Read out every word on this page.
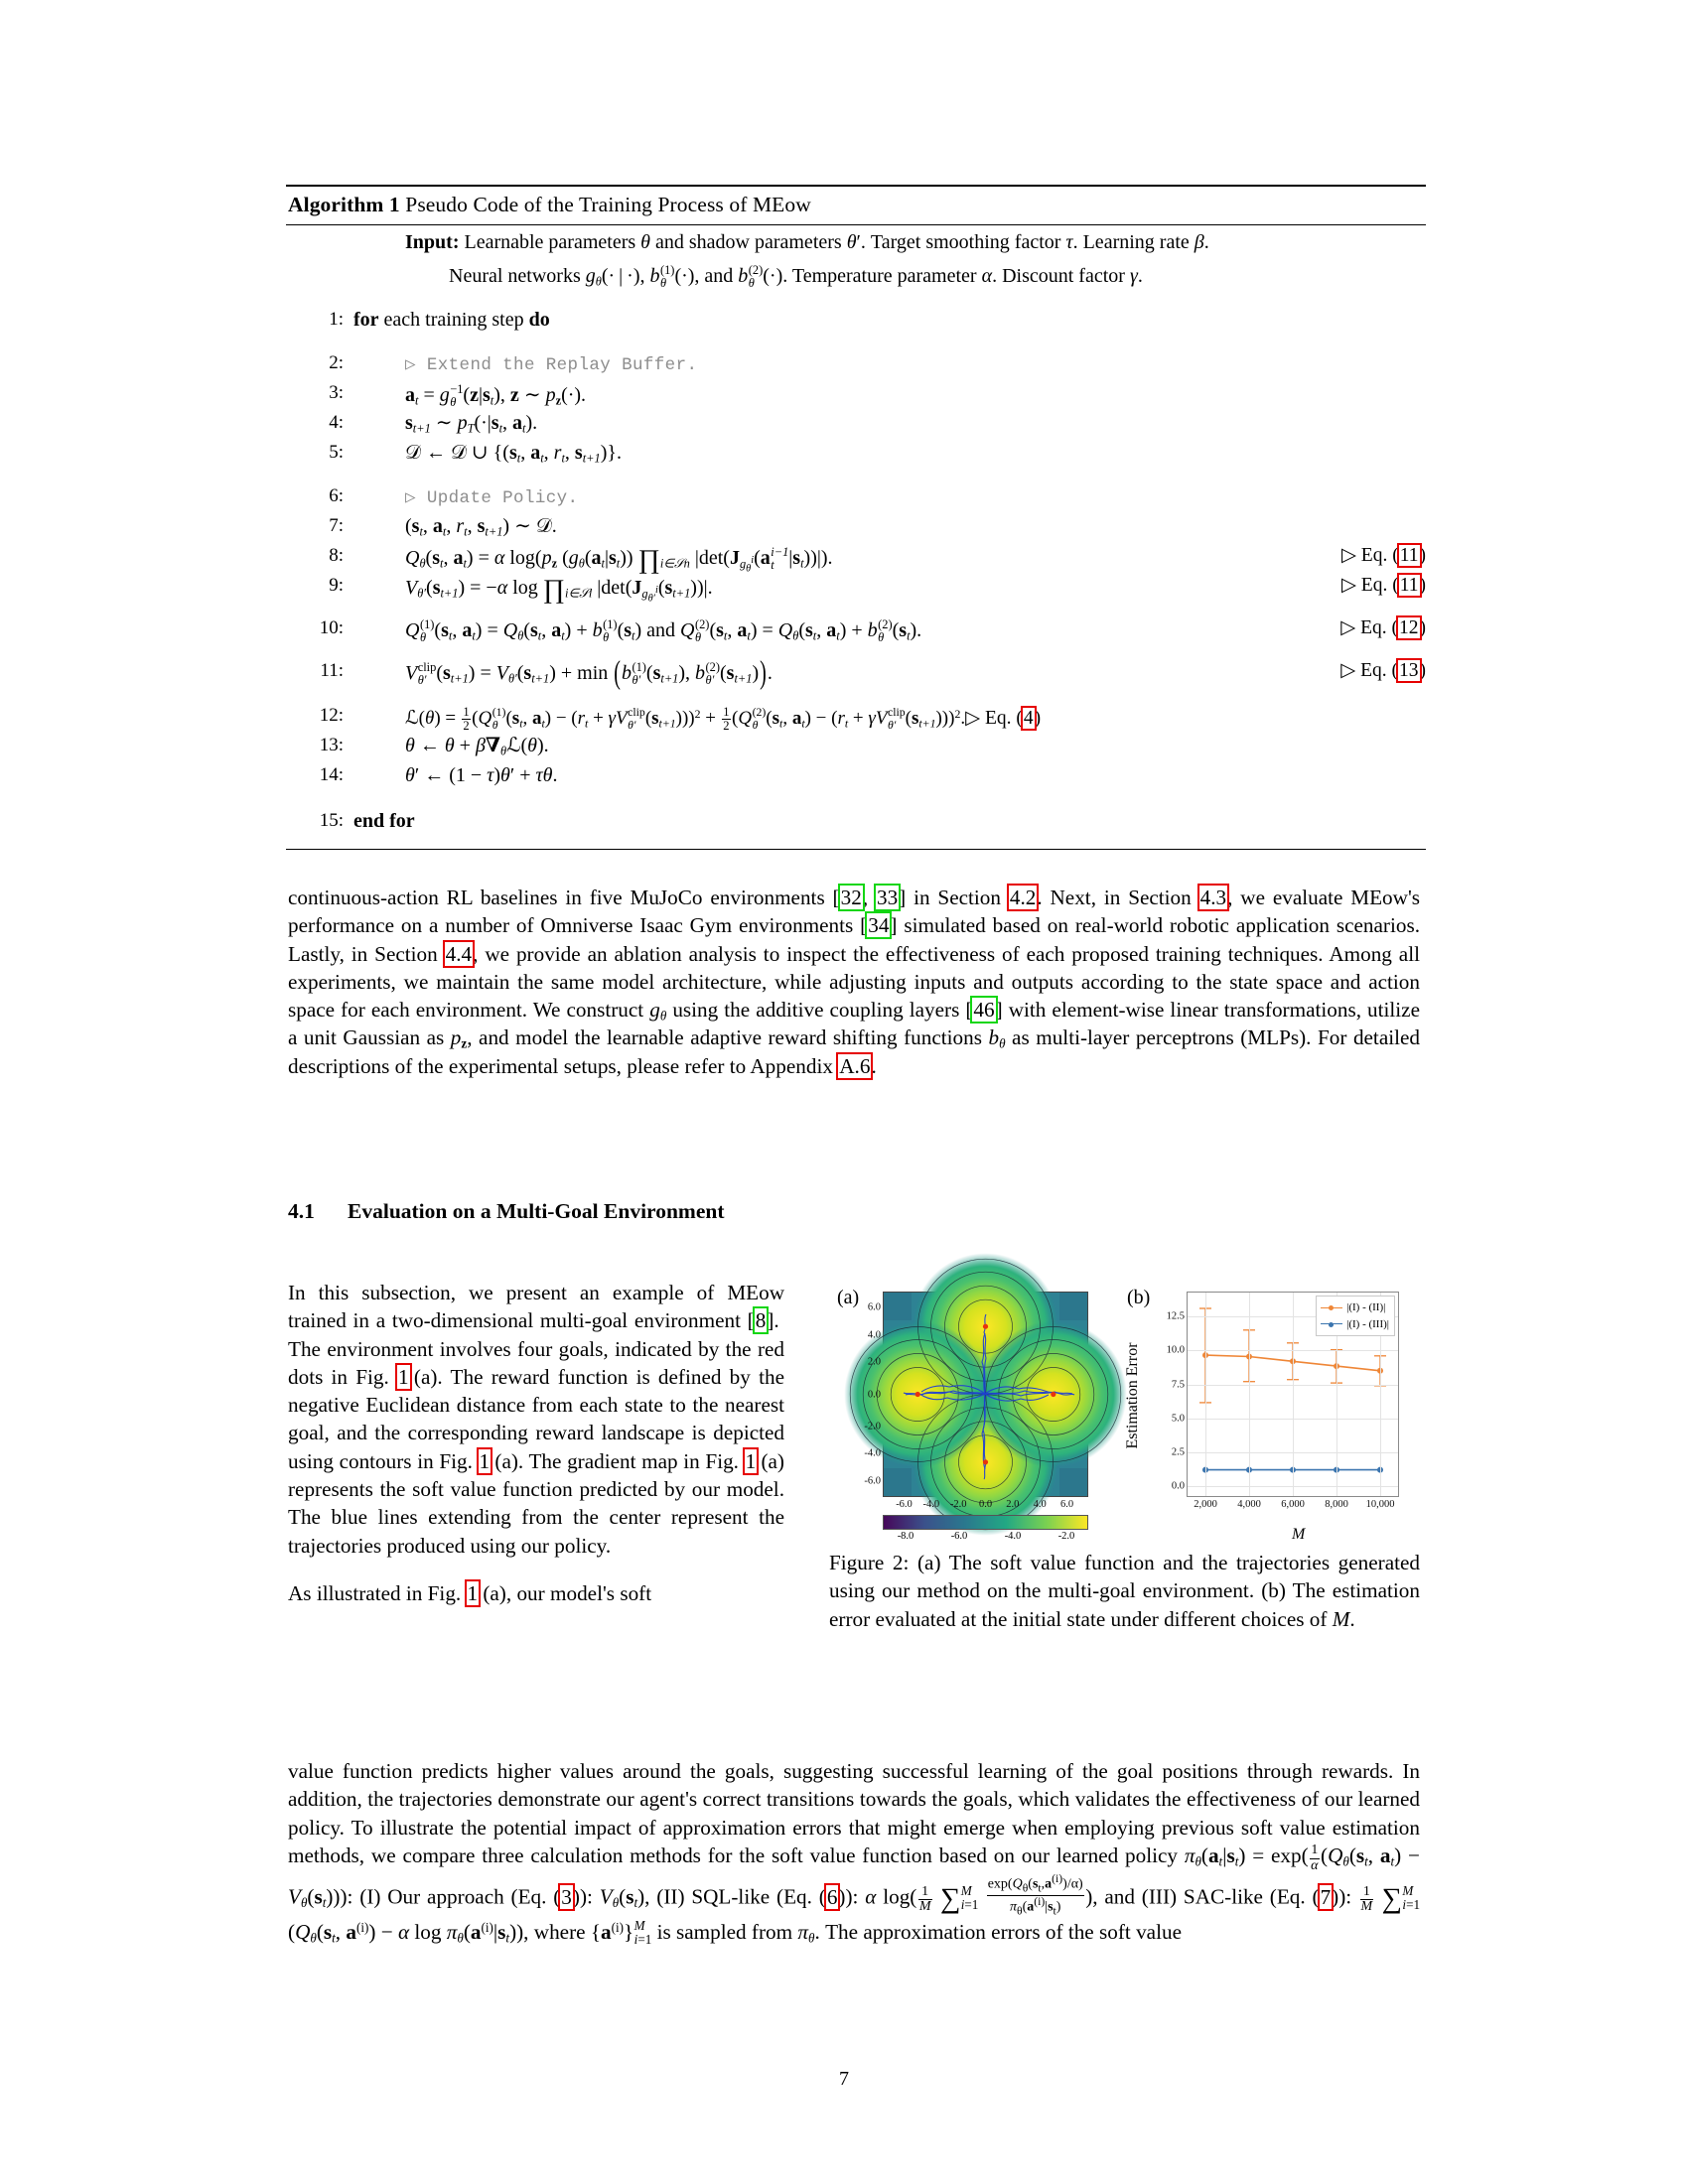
Algorithm 1 Pseudo Code of the Training Process of MEow
Input: Learnable parameters θ and shadow parameters θ′. Target smoothing factor τ. Learning rate β.
Neural networks $g_\theta(\cdot$ | ·), b(1)
θ (·), and b(2)
θ (·). Temperature parameter α. Discount factor γ.
1: for each training step do
2:	▷ Extend the Replay Buffer.
3:	$a_t = g-1$
θ $(z|s_t)$, z ∼ $p_z(\cdot)$.
4:	$s_{t+1}$ ∼ $p_T(\cdot|s_t$, $a_t$).
5:	𝒟 ← 𝒟 ∪ {($s_t$, $a_t$, $r_t$, $s_{t+1}$)}.
6:	▷ Update Policy.
7:	($s_t$, $a_t$, $r_t$, $s_{t+1}$) ∼ 𝒟.
8:	$Q_\theta(s_t$, $a_t) = \alpha$ $\log(p_z$ $(g_\theta(a_t|s_t))$ $\prod_{i\in 𝒮n}$ $|\det(J_{g_\theta^i}(ai-1$
t $|s_t))|$).	▷ Eq. (11)
9:	$V_{\theta'}(s_{t+1}) = -\alpha$ $\log \prod_{i\in 𝒮l}$ $|\det(J_{g_{\theta'}^i}(s_{t+1}))|$.	▷ Eq. (11)
10:	Q(1)
θ ($s_t$, $a_t) = Q_\theta(s_t$, $a_t) + b(1)$
θ $(s_t)$ and Q(2)
θ ($s_t$, $a_t) = Q_\theta(s_t$, $a_t) + b(2)$
θ $(s_t)$.	▷ Eq. (12)
11:	Vclip
θ′ $(s_{t+1}) = V_{\theta'}(s_{t+1}) + \min (b(1)$
θ′ $(s_{t+1})$, b(2)
θ′ $(s_{t+1})$).	▷ Eq. (13)
12:	ℒ(θ) = $\frac{1}{2} (Q(1)$
θ ($s_t$, $a_t) - (r_t$ + γVclip
θ′ $(s_{t+1})))^2 + \frac{1}{2} (Q(2)$
θ ($s_t$, $a_t) - (r_t$ + γVclip
θ′ $(s_{t+1})))^2.▷$ Eq. (4)
13:	θ ← $\theta + \beta\nabla_\theta ℒ(\theta)$.
14:	θ′ ← (1 − τ)θ′ + τθ.
15: end for
continuous-action RL baselines in five MuJoCo environments [32, 33] in Section 4.2. Next, in Section 4.3, we evaluate MEow's performance on a number of Omniverse Isaac Gym environments [34] simulated based on real-world robotic application scenarios. Lastly, in Section 4.4, we provide an ablation analysis to inspect the effectiveness of each proposed training techniques. Among all experiments, we maintain the same model architecture, while adjusting inputs and outputs according to the state space and action space for each environment. We construct $g_\theta$ using the additive coupling layers [46] with element-wise linear transformations, utilize a unit Gaussian as $p_z$, and model the learnable adaptive reward shifting functions $b_\theta$ as multi-layer perceptrons (MLPs). For detailed descriptions of the experimental setups, please refer to Appendix A.6.
4.1 Evaluation on a Multi-Goal Environment

In this subsection, we present an example of MEow trained in a two-dimensional multi-goal environment [8].  The environment involves four goals, indicated by the red dots in Fig. 1 (a). The reward function is defined by the negative Euclidean distance from each state to the nearest goal, and the corresponding reward landscape is depicted using contours in Fig. 1 (a). The gradient map in Fig. 1 (a) represents the soft value function predicted by our model. The blue lines extending from the center represent the trajectories produced using our policy.

As illustrated in Fig. 1 (a), our model's soft

(a) 6.0
4.0
2.0
0.0
-2.0
-4.0
-6.0
-6.0 -4.0 -2.0 0.0 2.0 4.0 6.0
-8.0	-6.0	-4.0	-2.0
(b)
Estimation Error
M
|(I) - (II)|
|(I) - (III)|
0.0
2.5
5.0
7.5
10.0
12.5
2,000 4,000 6,000 8,000 10,000
Figure 2: (a) The soft value function and the trajectories generated using our method on the multi-goal environment. (b) The estimation error evaluated at the initial state under different choices of M.
value function predicts higher values around the goals, suggesting successful learning of the goal positions through rewards. In addition, the trajectories demonstrate our agent's correct transitions towards the goals, which validates the effectiveness of our learned policy. To illustrate the potential impact of approximation errors that might emerge when employing previous soft value estimation methods, we compare three calculation methods for the soft value function based on our learned policy $\pi_\theta(a_t|s_t) = \exp( \frac{1}{\alpha} (Q_\theta(s_t$, $a_t) - V_\theta(s_t)$)): (I) Our approach (Eq. (3)): $V_\theta(s_t)$, (II) SQL-like (Eq. (6)): α $\log( \frac{1}{M} \sum M$
$i=1 \frac{\exp(Q_\theta(s_t,a^{(i)})/\alpha)}{\pi_\theta(a^{(i)}|s_t)}$ ), and (III) SAC-like (Eq. (7)): $\frac{1}{M} \sum M$
i=1 ($Q_\theta(s_t$, $a^{(i)}) - \alpha$ $\log \pi_\theta(a^{(i)}|s_t)$), where $\{a^{(i)}\}M$
i=1 is sampled from $\pi_\theta$. The approximation errors of the soft value
7
